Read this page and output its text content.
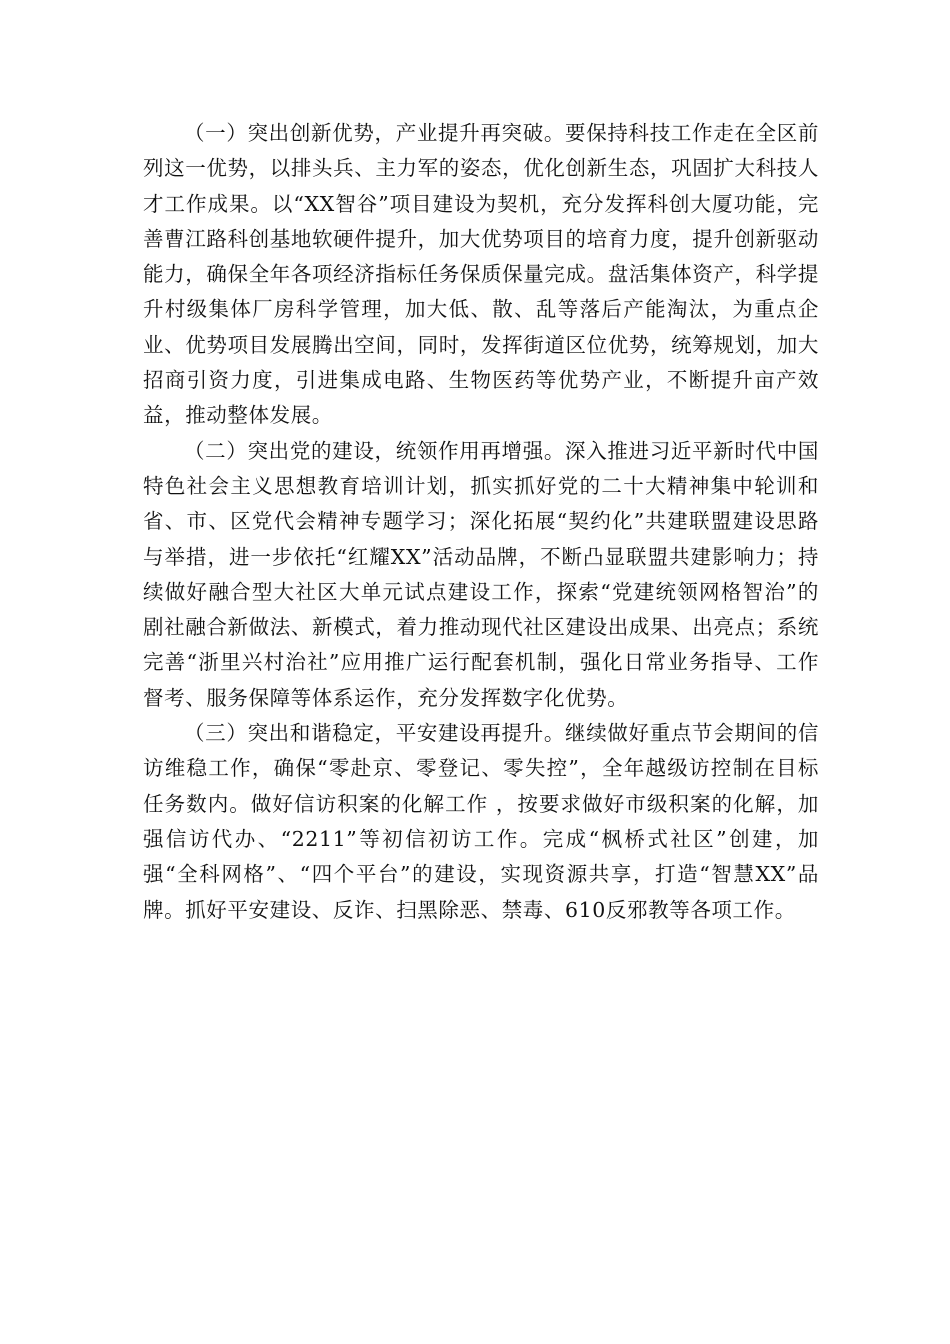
（一）突出创新优势，产业提升再突破。要保持科技工作走在全区前列这一优势，以排头兵、主力军的姿态，优化创新生态，巩固扩大科技人才工作成果。以“XX智谷”项目建设为契机，充分发挥科创大厦功能，完善曹江路科创基地软硬件提升，加大优势项目的培育力度，提升创新驱动能力，确保全年各项经济指标任务保质保量完成。盘活集体资产，科学提升村级集体厂房科学管理，加大低、散、乱等落后产能淘汰，为重点企业、优势项目发展腾出空间，同时，发挥街道区位优势，统筹规划，加大招商引资力度，引进集成电路、生物医药等优势产业，不断提升亩产效益，推动整体发展。

（二）突出党的建设，统领作用再增强。深入推进习近平新时代中国特色社会主义思想教育培训计划，抓实抓好党的二十大精神集中轮训和省、市、区党代会精神专题学习；深化拓展“契约化”共建联盟建设思路与举措，进一步依托“红耀XX”活动品牌，不断凸显联盟共建影响力；持续做好融合型大社区大单元试点建设工作，探索“党建统领网格智治”的剧社融合新做法、新模式，着力推动现代社区建设出成果、出亮点；系统完善“浙里兴村治社”应用推广运行配套机制，强化日常业务指导、工作督考、服务保障等体系运作，充分发挥数字化优势。

（三）突出和谐稳定，平安建设再提升。继续做好重点节会期间的信访维稳工作，确保“零赴京、零登记、零失控”，全年越级访控制在目标任务数内。做好信访积案的化解工作 ，按要求做好市级积案的化解，加强信访代办、“2211”等初信初访工作。完成“枫桥式社区”创建，加强“全科网格”、“四个平台”的建设，实现资源共享，打造“智慧XX”品牌。抓好平安建设、反诈、扫黑除恶、禁毒、610反邪教等各项工作。
